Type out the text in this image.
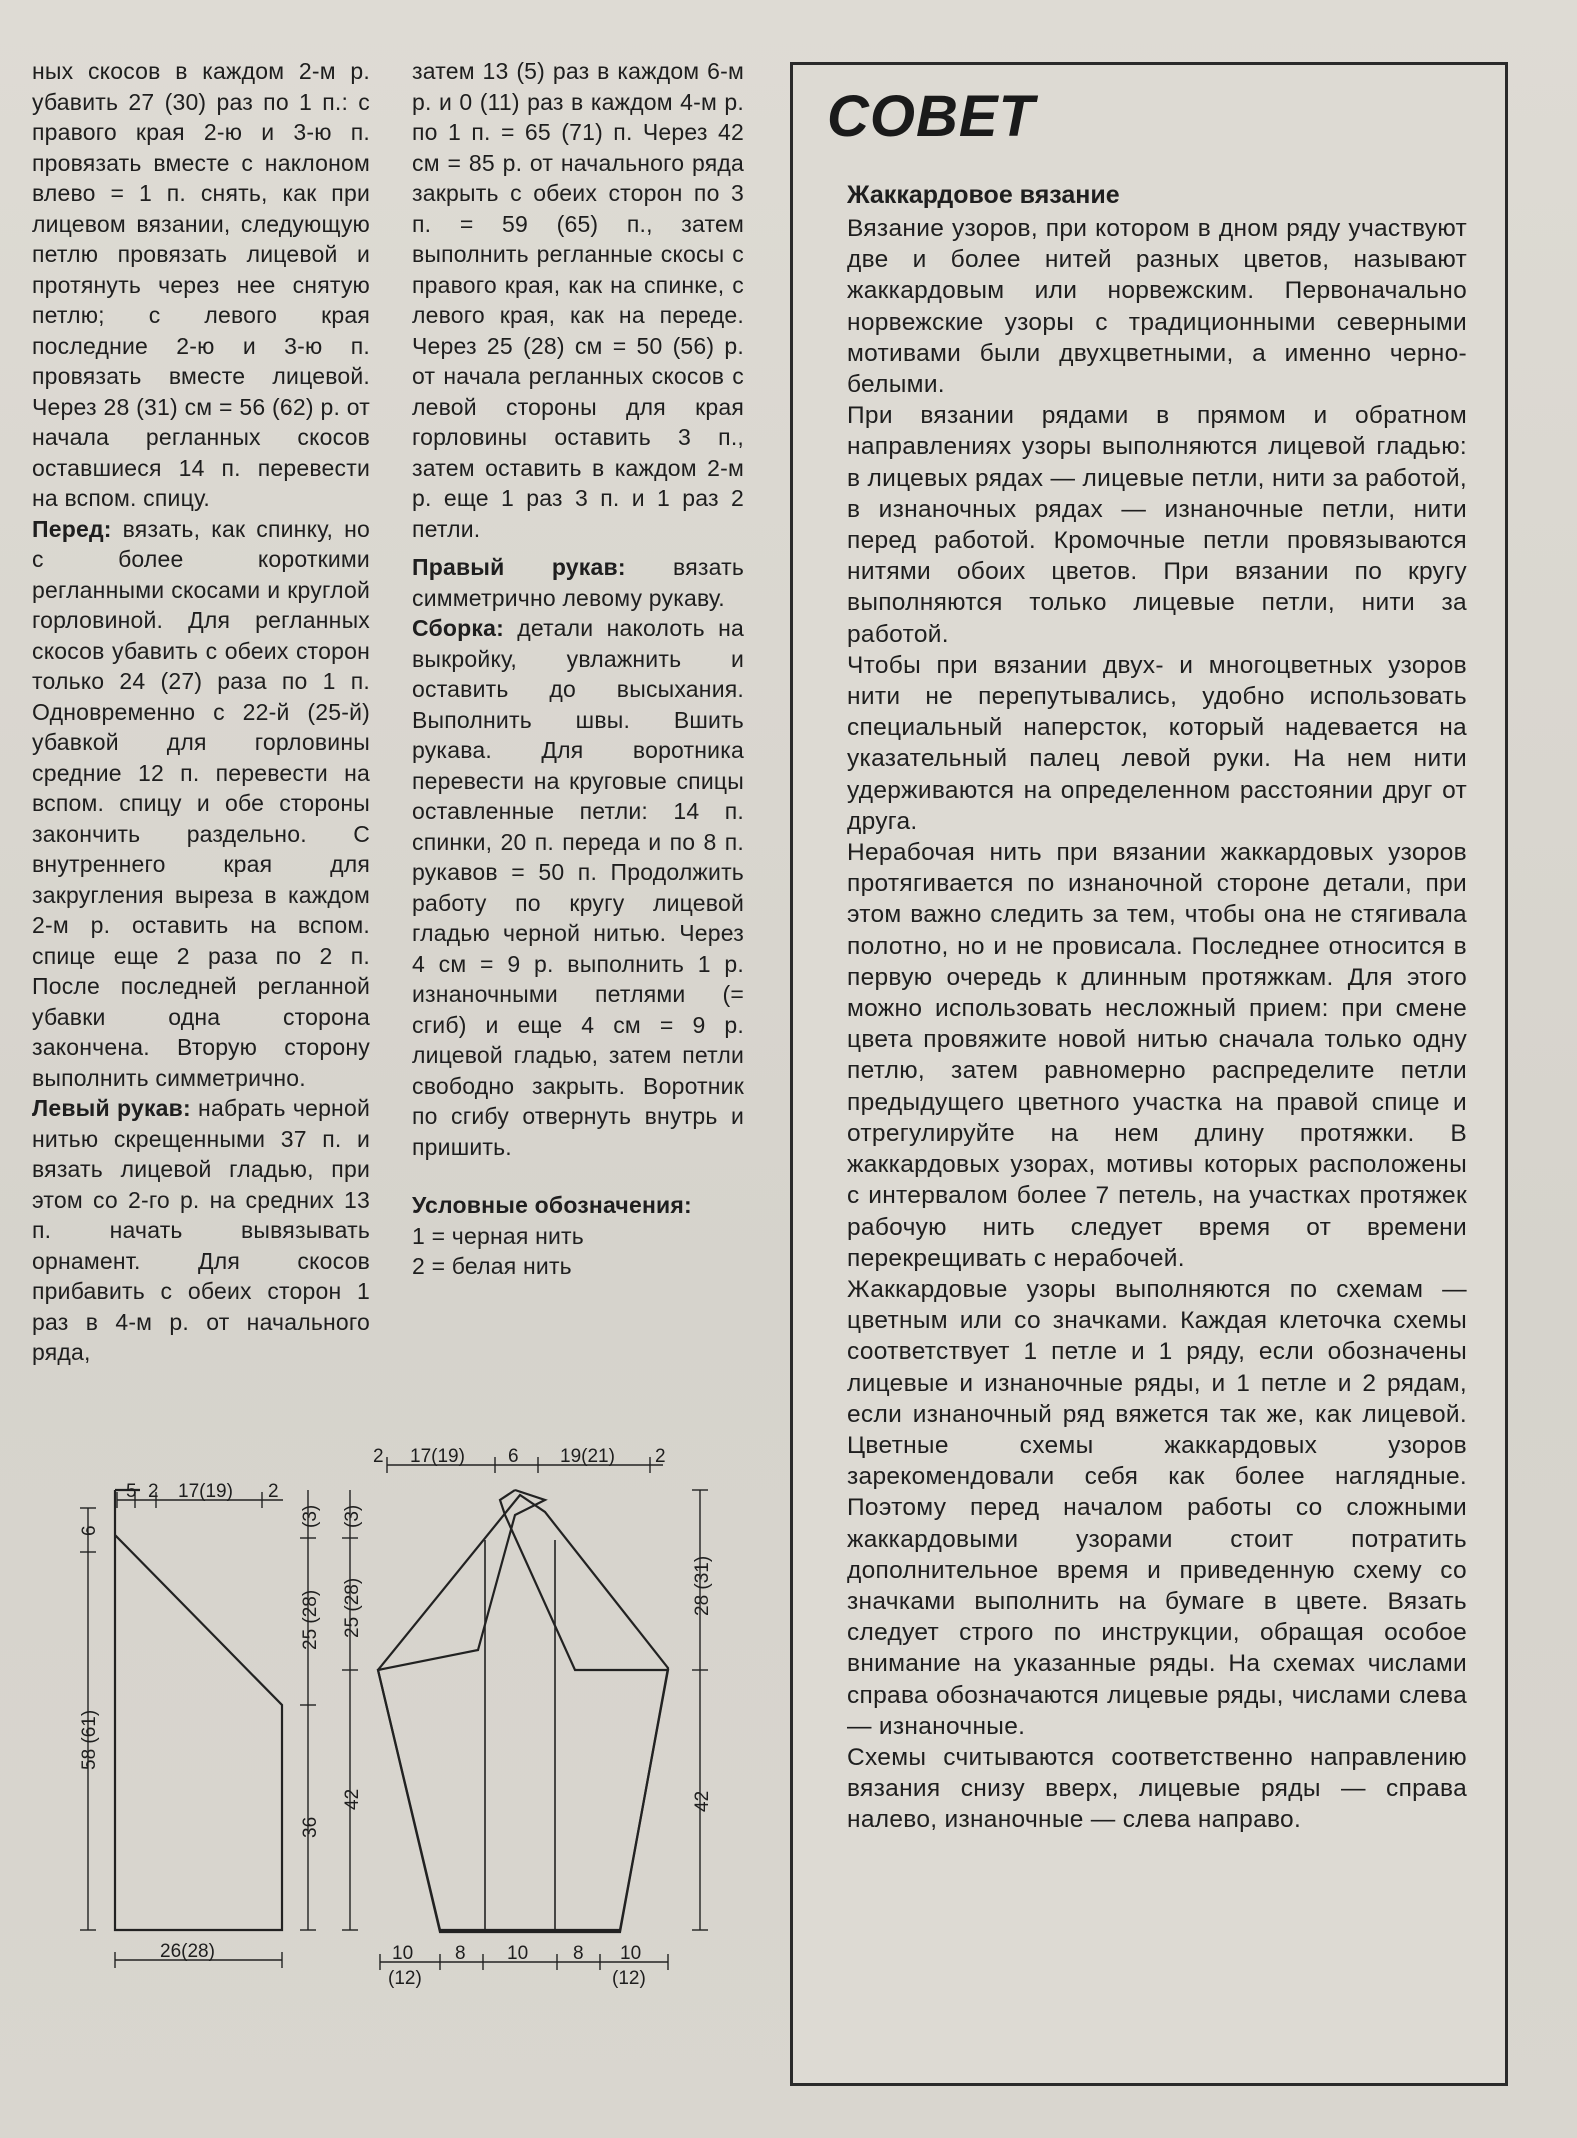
ных скосов в каждом 2-м р. убавить 27 (30) раз по 1 п.: с правого края 2-ю и 3-ю п. провязать вместе с наклоном влево = 1 п. снять, как при лицевом вязании, следующую петлю провязать лицевой и протянуть через нее снятую петлю; с левого края последние 2-ю и 3-ю п. провязать вместе лицевой. Через 28 (31) см = 56 (62) р. от начала регланных скосов оставшиеся 14 п. перевести на вспом. спицу.

Перед: вязать, как спинку, но с более короткими регланными скосами и круглой горловиной. Для регланных скосов убавить с обеих сторон только 24 (27) раза по 1 п. Одновременно с 22-й (25-й) убавкой для горловины средние 12 п. перевести на вспом. спицу и обе стороны закончить раздельно. С внутреннего края для закругления выреза в каждом 2-м р. оставить на вспом. спице еще 2 раза по 2 п. После последней регланной убавки одна сторона закончена. Вторую сторону выполнить симметрично.

Левый рукав: набрать черной нитью скрещенными 37 п. и вязать лицевой гладью, при этом со 2-го р. на средних 13 п. начать вывязывать орнамент. Для скосов прибавить с обеих сторон 1 раз в 4-м р. от начального ряда,

затем 13 (5) раз в каждом 6-м р. и 0 (11) раз в каждом 4-м р. по 1 п. = 65 (71) п. Через 42 см = 85 р. от начального ряда закрыть с обеих сторон по 3 п. = 59 (65) п., затем выполнить регланные скосы с правого края, как на спинке, с левого края, как на переде. Через 25 (28) см = 50 (56) р. от начала регланных скосов с левой стороны для края горловины оставить 3 п., затем оставить в каждом 2-м р. еще 1 раз 3 п. и 1 раз 2 петли.

Правый рукав: вязать симметрично левому рукаву.

Сборка: детали наколоть на выкройку, увлажнить и оставить до высыхания. Выполнить швы. Вшить рукава. Для воротника перевести на круговые спицы оставленные петли: 14 п. спинки, 20 п. переда и по 8 п. рукавов = 50 п. Продолжить работу по кругу лицевой гладью черной нитью. Через 4 см = 9 р. выполнить 1 р. изнаночными петлями (= сгиб) и еще 4 см = 9 р. лицевой гладью, затем петли свободно закрыть. Воротник по сгибу отвернуть внутрь и пришить.

Условные обозначения:

1 = черная нить

2 = белая нить

СОВЕТ
Жаккардовое вязание

Вязание узоров, при котором в дном ряду участвуют две и более нитей разных цветов, называют жаккардовым или норвежским. Первоначально норвежские узоры с традиционными северными мотивами были двухцветными, а именно черно-белыми.

При вязании рядами в прямом и обратном направлениях узоры выполняются лицевой гладью: в лицевых рядах — лицевые петли, нити за работой, в изнаночных рядах — изнаночные петли, нити перед работой. Кромочные петли провязываются нитями обоих цветов. При вязании по кругу выполняются только лицевые петли, нити за работой.

Чтобы при вязании двух- и многоцветных узоров нити не перепутывались, удобно использовать специальный наперсток, который надевается на указательный палец левой руки. На нем нити удерживаются на определенном расстоянии друг от друга.

Нерабочая нить при вязании жаккардовых узоров протягивается по изнаночной стороне детали, при этом важно следить за тем, чтобы она не стягивала полотно, но и не провисала. Последнее относится в первую очередь к длинным протяжкам. Для этого можно использовать несложный прием: при смене цвета провяжите новой нитью сначала только одну петлю, затем равномерно распределите петли предыдущего цветного участка на правой спице и отрегулируйте на нем длину протяжки. В жаккардовых узорах, мотивы которых расположены с интервалом более 7 петель, на участках протяжек рабочую нить следует время от времени перекрещивать с нерабочей.

Жаккардовые узоры выполняются по схемам — цветным или со значками. Каждая клеточка схемы соответствует 1 петле и 1 ряду, если обозначены лицевые и изнаночные ряды, и 1 петле и 2 рядам, если изнаночный ряд вяжется так же, как лицевой. Цветные схемы жаккардовых узоров зарекомендовали себя как более наглядные. Поэтому перед началом работы со сложными жаккардовыми узорами стоит потратить дополнительное время и приведенную схему со значками выполнить на бумаге в цвете. Вязать следует строго по инструкции, обращая особое внимание на указанные ряды. На схемах числами справа обозначаются лицевые ряды, числами слева — изнаночные.

Схемы считываются соответственно направлению вязания снизу вверх, лицевые ряды — справа налево, изнаночные — слева направо.

5 2 17(19) 2
6
58 (61)
26(28)
(3)
25 (28)
36
(3)
25 (28)
42
2 17(19) 6 19(21) 2
28 (31)
42
10 8 10 8 10
(12)	(12)
